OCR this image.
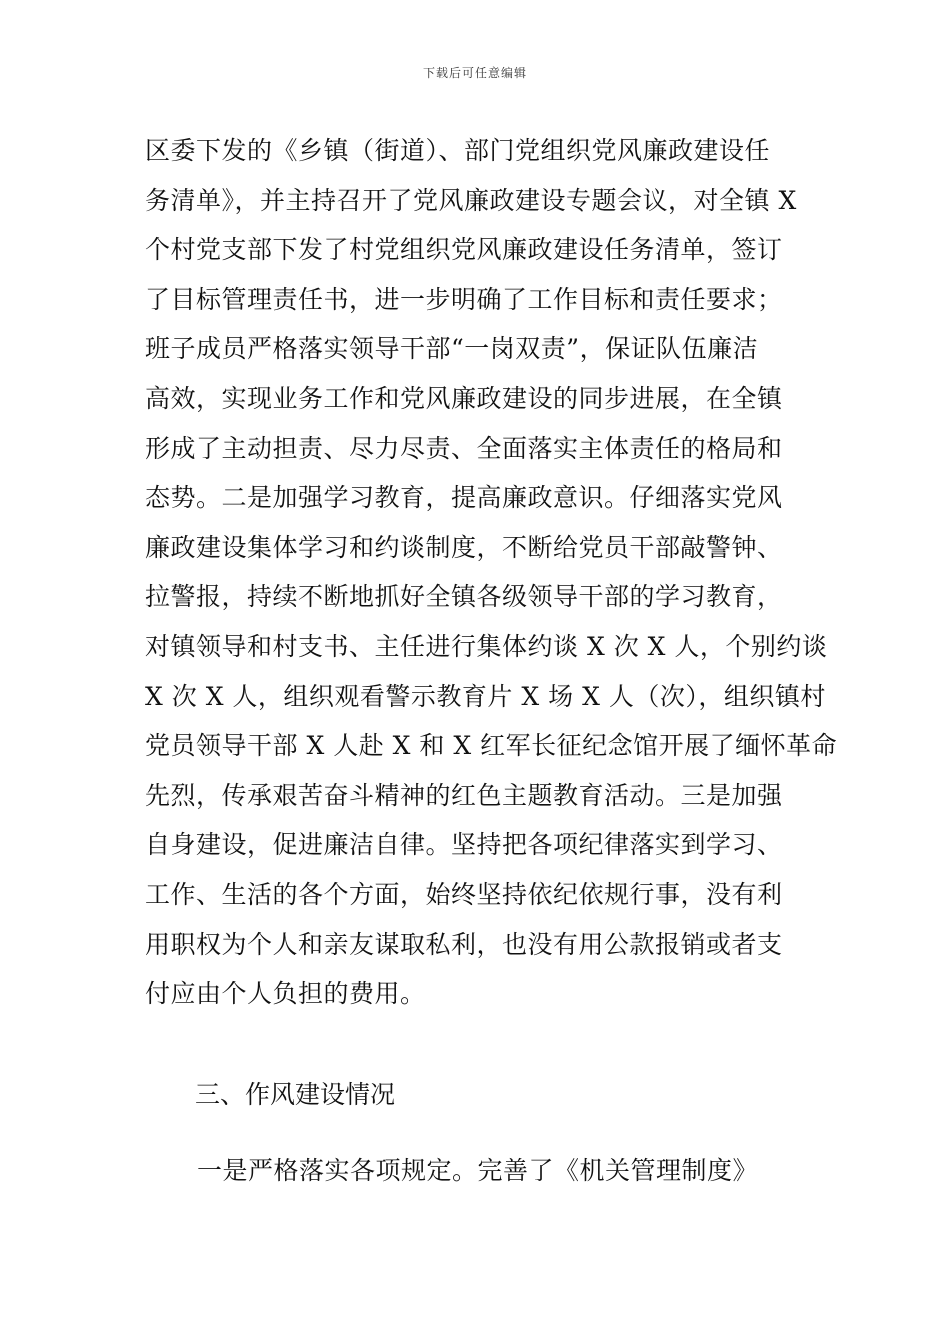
下载后可任意编辑
区委下发的《乡镇（街道）、部门党组织党风廉政建设任
务清单》，并主持召开了党风廉政建设专题会议，对全镇 X
个村党支部下发了村党组织党风廉政建设任务清单，签订
了目标管理责任书，进一步明确了工作目标和责任要求；
班子成员严格落实领导干部“一岗双责”，保证队伍廉洁
高效，实现业务工作和党风廉政建设的同步进展，在全镇
形成了主动担责、尽力尽责、全面落实主体责任的格局和
态势。二是加强学习教育，提高廉政意识。仔细落实党风
廉政建设集体学习和约谈制度，不断给党员干部敲警钟、
拉警报，持续不断地抓好全镇各级领导干部的学习教育，
对镇领导和村支书、主任进行集体约谈 X 次 X 人，个别约谈
X 次 X 人，组织观看警示教育片 X 场 X 人（次），组织镇村
党员领导干部 X 人赴 X 和 X 红军长征纪念馆开展了缅怀革命
先烈，传承艰苦奋斗精神的红色主题教育活动。三是加强
自身建设，促进廉洁自律。坚持把各项纪律落实到学习、
工作、生活的各个方面，始终坚持依纪依规行事，没有利
用职权为个人和亲友谋取私利，也没有用公款报销或者支
付应由个人负担的费用。
三、作风建设情况
一是严格落实各项规定。完善了《机关管理制度》
